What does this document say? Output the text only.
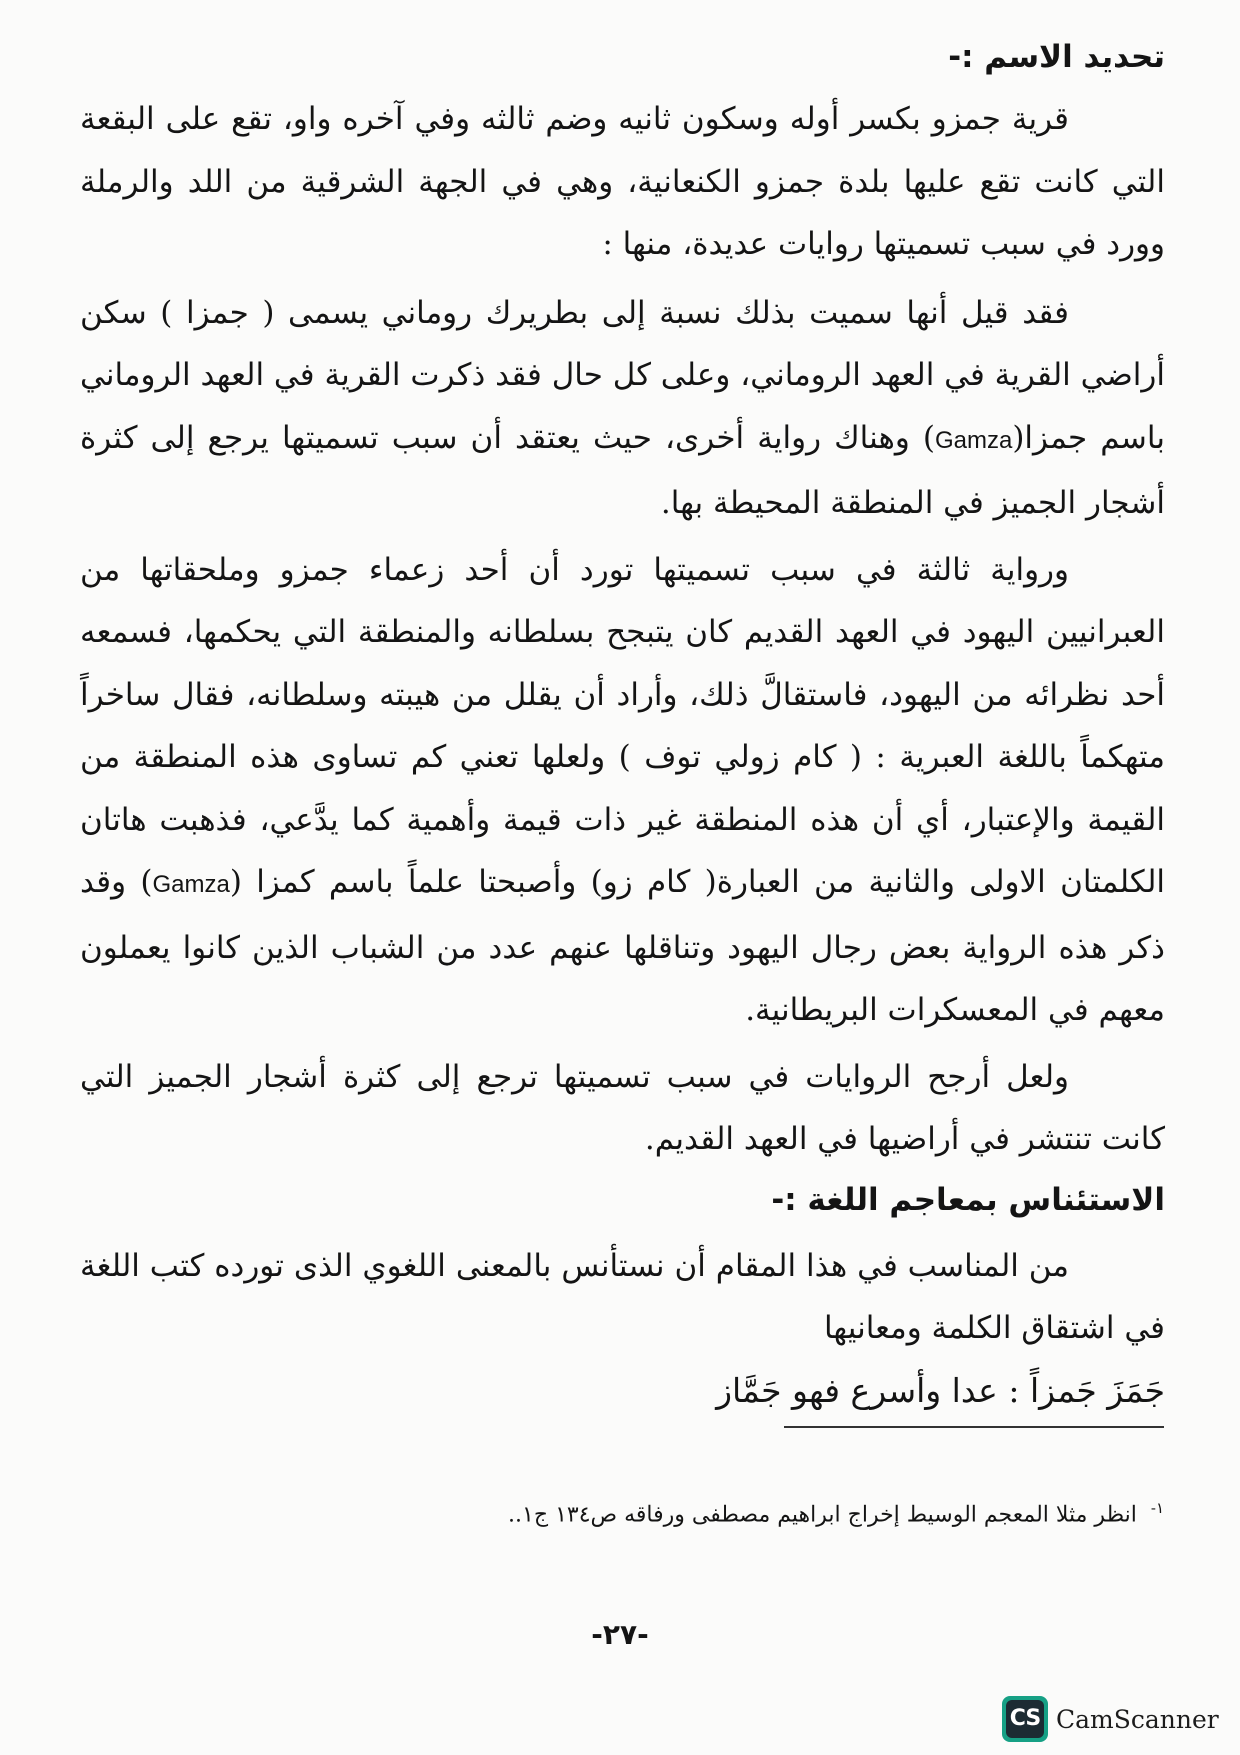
تحديد الاسم :-

قرية جمزو بكسر أوله وسكون ثانيه وضم ثالثه وفي آخره واو، تقع على البقعة التي كانت تقع عليها بلدة جمزو الكنعانية، وهي في الجهة الشرقية من اللد والرملة وورد في سبب تسميتها روايات عديدة، منها :

فقد قيل أنها سميت بذلك نسبة إلى بطريرك روماني يسمى ( جمزا ) سكن أراضي القرية في العهد الروماني، وعلى كل حال فقد ذكرت القرية في العهد الروماني باسم جمزا(Gamza) وهناك رواية أخرى، حيث يعتقد أن سبب تسميتها يرجع إلى كثرة أشجار الجميز في المنطقة المحيطة بها.

ورواية ثالثة في سبب تسميتها تورد أن أحد زعماء جمزو وملحقاتها من العبرانيين اليهود في العهد القديم كان يتبجح بسلطانه والمنطقة التي يحكمها، فسمعه أحد نظرائه من اليهود، فاستقالَّ ذلك، وأراد أن يقلل من هيبته وسلطانه، فقال ساخراً متهكماً باللغة العبرية : ( كام زولي توف ) ولعلها تعني كم تساوى هذه المنطقة من القيمة والإعتبار، أي أن هذه المنطقة غير ذات قيمة وأهمية كما يدَّعي، فذهبت هاتان الكلمتان الاولى والثانية من العبارة( كام زو) وأصبحتا علماً باسم كمزا (Gamza) وقد ذكر هذه الرواية بعض رجال اليهود وتناقلها عنهم عدد من الشباب الذين كانوا يعملون معهم في المعسكرات البريطانية.

ولعل أرجح الروايات في سبب تسميتها ترجع إلى كثرة أشجار الجميز التي كانت تنتشر في أراضيها في العهد القديم.

الاستئناس بمعاجم اللغة :-

من المناسب في هذا المقام أن نستأنس بالمعنى اللغوي الذى تورده كتب اللغة في اشتقاق الكلمة ومعانيها

جَمَزَ جَمزاً : عدا وأسرع فهو جَمَّاز

$^{١-}$انظر مثلا المعجم الوسيط إخراج ابراهيم مصطفى ورفاقه ص١٣٤ ج١..
-٢٧-
CS CamScanner
